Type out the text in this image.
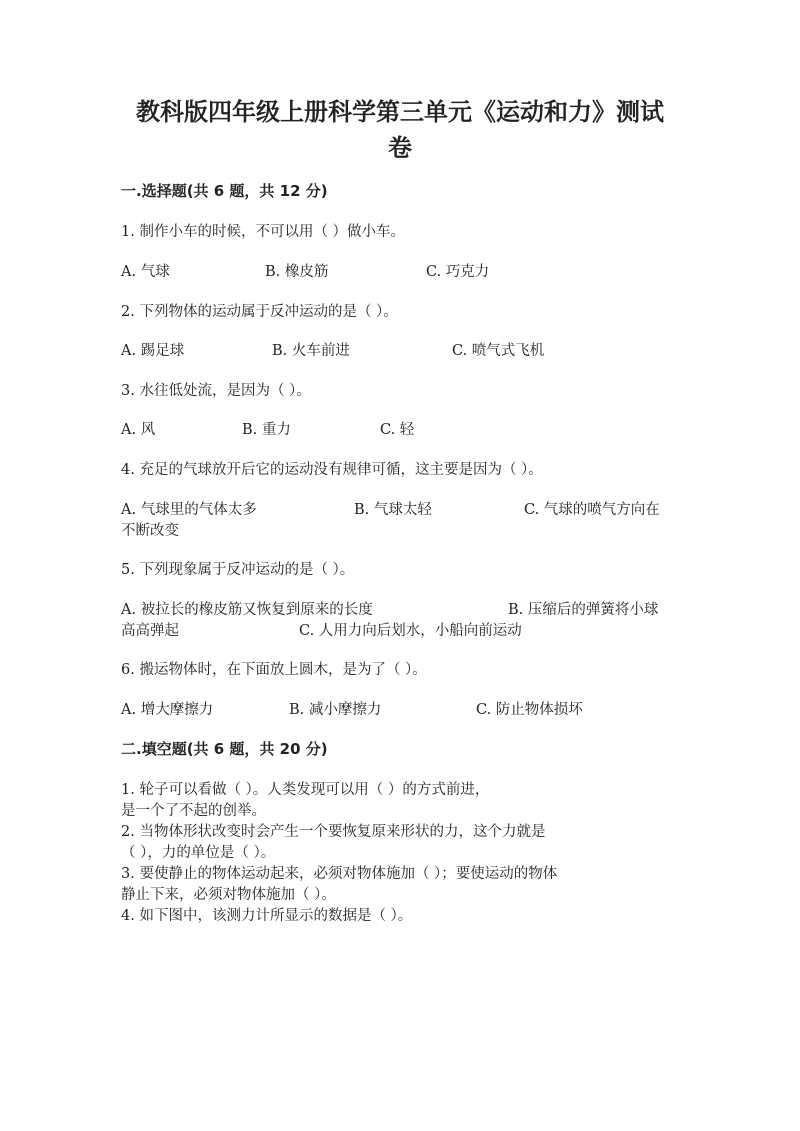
教科版四年级上册科学第三单元《运动和力》测试
卷
一.选择题(共 6 题，共 12 分)
1. 制作小车的时候，不可以用（ ）做小车。
A. 气球	B. 橡皮筋	C. 巧克力
2. 下列物体的运动属于反冲运动的是（ ）。
A. 踢足球	B. 火车前进	C. 喷气式飞机
3. 水往低处流，是因为（ ）。
A. 风	B. 重力	C. 轻
4. 充足的气球放开后它的运动没有规律可循，这主要是因为（ ）。
A. 气球里的气体太多	B. 气球太轻	C. 气球的喷气方向在
不断改变
5. 下列现象属于反冲运动的是（ ）。
A. 被拉长的橡皮筋又恢复到原来的长度	B. 压缩后的弹簧将小球
高高弹起	C. 人用力向后划水，小船向前运动
6. 搬运物体时，在下面放上圆木，是为了（ ）。
A. 增大摩擦力	B. 减小摩擦力	C. 防止物体损坏
二.填空题(共 6 题，共 20 分)
1. 轮子可以看做（ ）。人类发现可以用（ ）的方式前进，
是一个了不起的创举。
2. 当物体形状改变时会产生一个要恢复原来形状的力，这个力就是
（ ），力的单位是（ ）。
3. 要使静止的物体运动起来，必须对物体施加（ ）；要使运动的物体
静止下来，必须对物体施加（ ）。
4. 如下图中，该测力计所显示的数据是（ ）。
